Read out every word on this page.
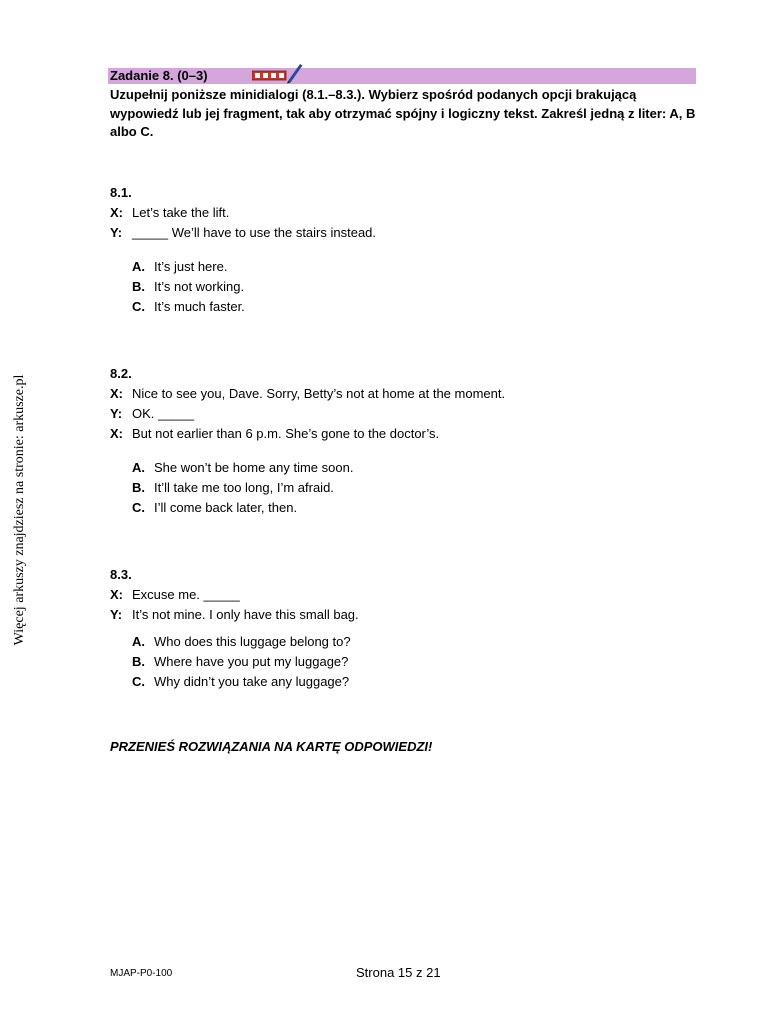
Więcej arkuszy znajdziesz na stronie: arkusze.pl
Zadanie 8. (0–3)
Uzupełnij poniższe minidialogi (8.1.–8.3.). Wybierz spośród podanych opcji brakującą wypowiedź lub jej fragment, tak aby otrzymać spójny i logiczny tekst. Zakreśl jedną z liter: A, B albo C.
8.1.
X: Let’s take the lift.
Y: _____ We’ll have to use the stairs instead.
A. It’s just here.
B. It’s not working.
C. It’s much faster.
8.2.
X: Nice to see you, Dave. Sorry, Betty’s not at home at the moment.
Y: OK. _____
X: But not earlier than 6 p.m. She’s gone to the doctor’s.
A. She won’t be home any time soon.
B. It’ll take me too long, I’m afraid.
C. I’ll come back later, then.
8.3.
X: Excuse me. _____
Y: It’s not mine. I only have this small bag.
A. Who does this luggage belong to?
B. Where have you put my luggage?
C. Why didn’t you take any luggage?
PRZENIEŚ ROZWIĄZANIA NA KARTĘ ODPOWIEDZI!
MJAP-P0-100	Strona 15 z 21
